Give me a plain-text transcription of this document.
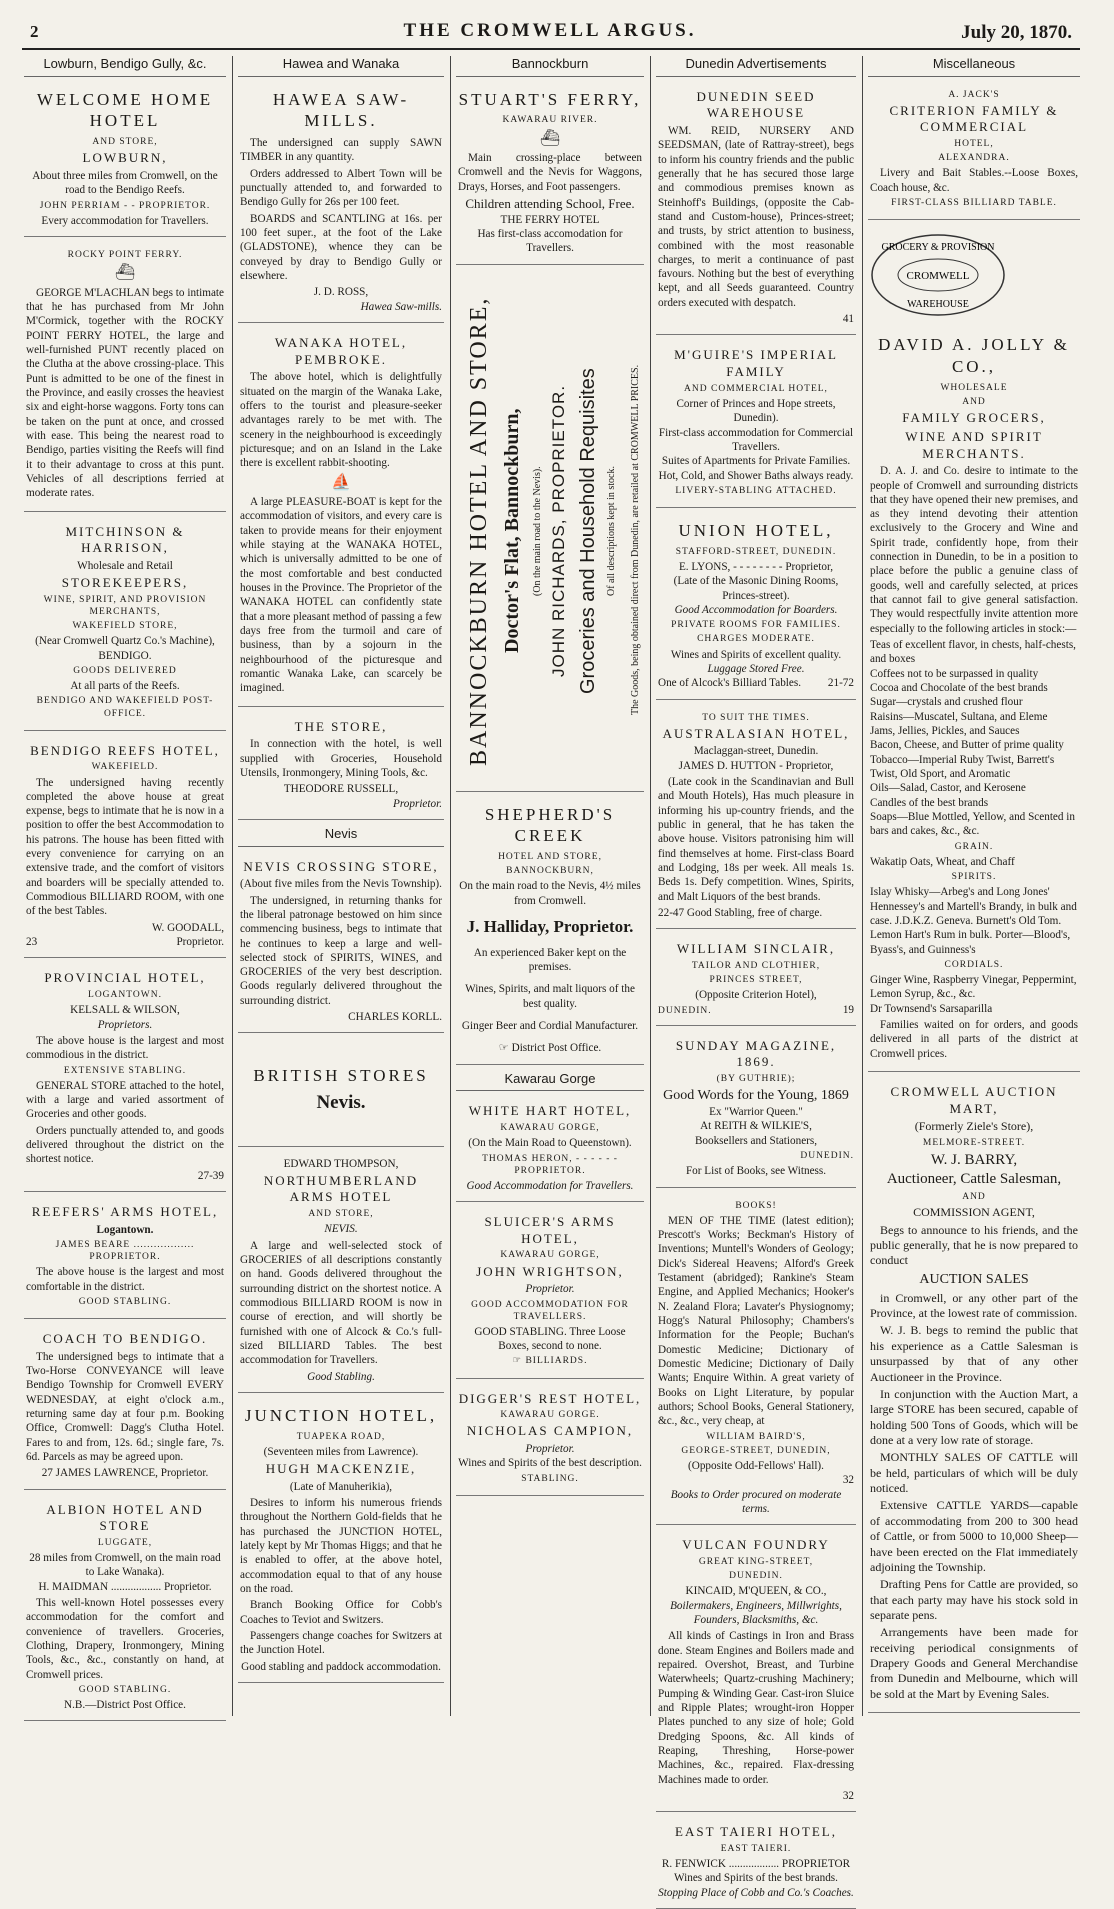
2	THE CROMWELL ARGUS.	July 20, 1870.
Lowburn, Bendigo Gully, &c.
WELCOME HOME HOTEL
AND STORE,
LOWBURN,
About three miles from Cromwell, on the road to the Bendigo Reefs.
JOHN PERRIAM - - PROPRIETOR.
Every accommodation for Travellers.
ROCKY POINT FERRY.
⛴

GEORGE M'LACHLAN begs to intimate that he has purchased from Mr John M'Cormick, together with the ROCKY POINT FERRY HOTEL, the large and well-furnished PUNT recently placed on the Clutha at the above crossing-place. This Punt is admitted to be one of the finest in the Province, and easily crosses the heaviest six and eight-horse waggons. Forty tons can be taken on the punt at once, and crossed with ease. This being the nearest road to Bendigo, parties visiting the Reefs will find it to their advantage to cross at this punt. Vehicles of all descriptions ferried at moderate rates.

MITCHINSON & HARRISON,
Wholesale and Retail
STOREKEEPERS,
WINE, SPIRIT, AND PROVISION MERCHANTS,
WAKEFIELD STORE,
(Near Cromwell Quartz Co.'s Machine),
BENDIGO.
GOODS DELIVERED
At all parts of the Reefs.
BENDIGO AND WAKEFIELD POST-OFFICE.
BENDIGO REEFS HOTEL,
WAKEFIELD.

The undersigned having recently completed the above house at great expense, begs to intimate that he is now in a position to offer the best Accommodation to his patrons. The house has been fitted with every convenience for carrying on an extensive trade, and the comfort of visitors and boarders will be specially attended to. Commodious BILLIARD ROOM, with one of the best Tables.

W. GOODALL,
23	Proprietor.
PROVINCIAL HOTEL,
LOGANTOWN.
KELSALL & WILSON,
Proprietors.

The above house is the largest and most commodious in the district.

EXTENSIVE STABLING.

GENERAL STORE attached to the hotel, with a large and varied assortment of Groceries and other goods.

Orders punctually attended to, and goods delivered throughout the district on the shortest notice.

27-39
REEFERS' ARMS HOTEL,
Logantown.
JAMES BEARE .................. PROPRIETOR.

The above house is the largest and most comfortable in the district.

GOOD STABLING.
COACH TO BENDIGO.

The undersigned begs to intimate that a Two-Horse CONVEYANCE will leave Bendigo Township for Cromwell EVERY WEDNESDAY, at eight o'clock a.m., returning same day at four p.m. Booking Office, Cromwell: Dagg's Clutha Hotel. Fares to and from, 12s. 6d.; single fare, 7s. 6d. Parcels as may be agreed upon.

27 JAMES LAWRENCE, Proprietor.
ALBION HOTEL AND STORE
LUGGATE,
28 miles from Cromwell, on the main road to Lake Wanaka).
H. MAIDMAN .................. Proprietor.

This well-known Hotel possesses every accommodation for the comfort and convenience of travellers. Groceries, Clothing, Drapery, Ironmongery, Mining Tools, &c., &c., constantly on hand, at Cromwell prices.

GOOD STABLING.
N.B.—District Post Office.
Hawea and Wanaka
HAWEA SAW-MILLS.

The undersigned can supply SAWN TIMBER in any quantity.

Orders addressed to Albert Town will be punctually attended to, and forwarded to Bendigo Gully for 26s per 100 feet.

BOARDS and SCANTLING at 16s. per 100 feet super., at the foot of the Lake (GLADSTONE), whence they can be conveyed by dray to Bendigo Gully or elsewhere.

J. D. ROSS,
Hawea Saw-mills.
WANAKA HOTEL, PEMBROKE.

The above hotel, which is delightfully situated on the margin of the Wanaka Lake, offers to the tourist and pleasure-seeker advantages rarely to be met with. The scenery in the neighbourhood is exceedingly picturesque; and on an Island in the Lake there is excellent rabbit-shooting.

⛵

A large PLEASURE-BOAT is kept for the accommodation of visitors, and every care is taken to provide means for their enjoyment while staying at the WANAKA HOTEL, which is universally admitted to be one of the most comfortable and best conducted houses in the Province. The Proprietor of the WANAKA HOTEL can confidently state that a more pleasant method of passing a few days free from the turmoil and care of business, than by a sojourn in the neighbourhood of the picturesque and romantic Wanaka Lake, can scarcely be imagined.

THE STORE,

In connection with the hotel, is well supplied with Groceries, Household Utensils, Ironmongery, Mining Tools, &c.

THEODORE RUSSELL,
Proprietor.
Nevis
NEVIS CROSSING STORE,
(About five miles from the Nevis Township).

The undersigned, in returning thanks for the liberal patronage bestowed on him since commencing business, begs to intimate that he continues to keep a large and well-selected stock of SPIRITS, WINES, and GROCERIES of the very best description. Goods regularly delivered throughout the surrounding district.

CHARLES KORLL.
BRITISH STORES
Nevis.
EDWARD THOMPSON,
NORTHUMBERLAND ARMS HOTEL
AND STORE,
NEVIS.

A large and well-selected stock of GROCERIES of all descriptions constantly on hand. Goods delivered throughout the surrounding district on the shortest notice. A commodious BILLIARD ROOM is now in course of erection, and will shortly be furnished with one of Alcock & Co.'s full-sized BILLIARD Tables. The best accommodation for Travellers.

Good Stabling.
JUNCTION HOTEL,
TUAPEKA ROAD,
(Seventeen miles from Lawrence).
HUGH MACKENZIE,
(Late of Manuherikia),

Desires to inform his numerous friends throughout the Northern Gold-fields that he has purchased the JUNCTION HOTEL, lately kept by Mr Thomas Higgs; and that he is enabled to offer, at the above hotel, accommodation equal to that of any house on the road.

Branch Booking Office for Cobb's Coaches to Teviot and Switzers.

Passengers change coaches for Switzers at the Junction Hotel.

Good stabling and paddock accommodation.
Bannockburn
STUART'S FERRY,
KAWARAU RIVER.
⛴

Main crossing-place between Cromwell and the Nevis for Waggons, Drays, Horses, and Foot passengers.

Children attending School, Free.
THE FERRY HOTEL
Has first-class accomodation for Travellers.
BANNOCKBURN HOTEL AND STORE, Doctor's Flat, Bannockburn, (On the main road to the Nevis). JOHN RICHARDS, PROPRIETOR. Groceries and Household Requisites Of all descriptions kept in stock.
SHEPHERD'S CREEK
HOTEL AND STORE,
BANNOCKBURN,
On the main road to the Nevis, 4½ miles from Cromwell.
J. Halliday, Proprietor.
An experienced Baker kept on the premises.
Wines, Spirits, and malt liquors of the best quality.
Ginger Beer and Cordial Manufacturer.
☞ District Post Office.
Kawarau Gorge
WHITE HART HOTEL,
KAWARAU GORGE,
(On the Main Road to Queenstown).
THOMAS HERON, - - - - - - PROPRIETOR.
Good Accommodation for Travellers.
SLUICER'S ARMS HOTEL,
KAWARAU GORGE,
JOHN WRIGHTSON,
Proprietor.
GOOD ACCOMMODATION FOR TRAVELLERS.
GOOD STABLING. Three Loose Boxes, second to none.
☞ BILLIARDS.
DIGGER'S REST HOTEL,
KAWARAU GORGE.
NICHOLAS CAMPION,
Proprietor.
Wines and Spirits of the best description.
STABLING.
The Goods, being obtained direct from Dunedin, are retailed at CROMWELL PRICES.
Dunedin Advertisements
DUNEDIN SEED WAREHOUSE

WM. REID, NURSERY AND SEEDSMAN, (late of Rattray-street), begs to inform his country friends and the public generally that he has secured those large and commodious premises known as Steinhoff's Buildings, (opposite the Cab-stand and Custom-house), Princes-street; and trusts, by strict attention to business, combined with the most reasonable charges, to merit a continuance of past favours. Nothing but the best of everything kept, and all Seeds guaranteed. Country orders executed with despatch.

41
M'GUIRE'S IMPERIAL FAMILY
AND COMMERCIAL HOTEL,
Corner of Princes and Hope streets, Dunedin).
First-class accommodation for Commercial Travellers.
Suites of Apartments for Private Families.
Hot, Cold, and Shower Baths always ready.
LIVERY-STABLING ATTACHED.
UNION HOTEL,
STAFFORD-STREET, DUNEDIN.
E. LYONS, - - - - - - - - Proprietor,
(Late of the Masonic Dining Rooms, Princes-street).
Good Accommodation for Boarders.
PRIVATE ROOMS FOR FAMILIES.
CHARGES MODERATE.
Wines and Spirits of excellent quality.
Luggage Stored Free.
One of Alcock's Billiard Tables. 21-72
TO SUIT THE TIMES.
AUSTRALASIAN HOTEL,
Maclaggan-street, Dunedin.
JAMES D. HUTTON - Proprietor,

(Late cook in the Scandinavian and Bull and Mouth Hotels), Has much pleasure in informing his up-country friends, and the public in general, that he has taken the above house. Visitors patronising him will find themselves at home. First-class Board and Lodging, 18s per week. All meals 1s. Beds 1s. Defy competition. Wines, Spirits, and Malt Liquors of the best brands.

22-47 Good Stabling, free of charge.
WILLIAM SINCLAIR,
TAILOR AND CLOTHIER,
PRINCES STREET,
(Opposite Criterion Hotel),
DUNEDIN.	19
SUNDAY MAGAZINE, 1869.
(BY GUTHRIE);
Good Words for the Young, 1869
Ex "Warrior Queen."
At REITH & WILKIE'S,
Booksellers and Stationers,
DUNEDIN.
For List of Books, see Witness.
BOOKS!

MEN OF THE TIME (latest edition); Prescott's Works; Beckman's History of Inventions; Muntell's Wonders of Geology; Dick's Sidereal Heavens; Alford's Greek Testament (abridged); Rankine's Steam Engine, and Applied Mechanics; Hooker's N. Zealand Flora; Lavater's Physiognomy; Hogg's Natural Philosophy; Chambers's Information for the People; Buchan's Domestic Medicine; Dictionary of Domestic Medicine; Dictionary of Daily Wants; Enquire Within. A great variety of Books on Light Literature, by popular authors; School Books, General Stationery, &c., &c., very cheap, at

WILLIAM BAIRD'S,
GEORGE-STREET, DUNEDIN,
(Opposite Odd-Fellows' Hall).
32
Books to Order procured on moderate terms.
VULCAN FOUNDRY
GREAT KING-STREET,
DUNEDIN.
KINCAID, M'QUEEN, & CO.,
Boilermakers, Engineers, Millwrights, Founders, Blacksmiths, &c.

All kinds of Castings in Iron and Brass done. Steam Engines and Boilers made and repaired. Overshot, Breast, and Turbine Waterwheels; Quartz-crushing Machinery; Pumping & Winding Gear. Cast-iron Sluice and Ripple Plates; wrought-iron Hopper Plates punched to any size of hole; Gold Dredging Spoons, &c. All kinds of Reaping, Threshing, Horse-power Machines, &c., repaired. Flax-dressing Machines made to order.

32
EAST TAIERI HOTEL,
EAST TAIERI.
R. FENWICK .................. PROPRIETOR
Wines and Spirits of the best brands.
Stopping Place of Cobb and Co.'s Coaches.
Miscellaneous
A. JACK'S
CRITERION FAMILY & COMMERCIAL
HOTEL,
ALEXANDRA.

Livery and Bait Stables.--Loose Boxes, Coach house, &c.

FIRST-CLASS BILLIARD TABLE.
GROCERY & PROVISION
CROMWELL
WAREHOUSE
DAVID A. JOLLY & CO.,
WHOLESALE
AND
FAMILY GROCERS,
WINE AND SPIRIT MERCHANTS.

D. A. J. and Co. desire to intimate to the people of Cromwell and surrounding districts that they have opened their new premises, and as they intend devoting their attention exclusively to the Grocery and Wine and Spirit trade, confidently hope, from their connection in Dunedin, to be in a position to place before the public a genuine class of goods, well and carefully selected, at prices that cannot fail to give general satisfaction. They would respectfully invite attention more especially to the following articles in stock:—

Teas of excellent flavor, in chests, half-chests, and boxes
Coffees not to be surpassed in quality
Cocoa and Chocolate of the best brands
Sugar—crystals and crushed flour
Raisins—Muscatel, Sultana, and Eleme
Jams, Jellies, Pickles, and Sauces
Bacon, Cheese, and Butter of prime quality
Tobacco—Imperial Ruby Twist, Barrett's Twist, Old Sport, and Aromatic
Oils—Salad, Castor, and Kerosene
Candles of the best brands
Soaps—Blue Mottled, Yellow, and Scented in bars and cakes, &c., &c.
GRAIN.
Wakatip Oats, Wheat, and Chaff
SPIRITS.
Islay Whisky—Arbeg's and Long Jones' Hennessey's and Martell's Brandy, in bulk and case. J.D.K.Z. Geneva. Burnett's Old Tom. Lemon Hart's Rum in bulk. Porter—Blood's, Byass's, and Guinness's
CORDIALS.
Ginger Wine, Raspberry Vinegar, Peppermint, Lemon Syrup, &c., &c.
Dr Townsend's Sarsaparilla

Families waited on for orders, and goods delivered in all parts of the district at Cromwell prices.

CROMWELL AUCTION MART,
(Formerly Ziele's Store),
MELMORE-STREET.
W. J. BARRY,
Auctioneer, Cattle Salesman,
AND
COMMISSION AGENT,

Begs to announce to his friends, and the public generally, that he is now prepared to conduct

AUCTION SALES

in Cromwell, or any other part of the Province, at the lowest rate of commission.

W. J. B. begs to remind the public that his experience as a Cattle Salesman is unsurpassed by that of any other Auctioneer in the Province.

In conjunction with the Auction Mart, a large STORE has been secured, capable of holding 500 Tons of Goods, which will be done at a very low rate of storage.

MONTHLY SALES OF CATTLE will be held, particulars of which will be duly noticed.

Extensive CATTLE YARDS—capable of accommodating from 200 to 300 head of Cattle, or from 5000 to 10,000 Sheep—have been erected on the Flat immediately adjoining the Township.

Drafting Pens for Cattle are provided, so that each party may have his stock sold in separate pens.

Arrangements have been made for receiving periodical consignments of Drapery Goods and General Merchandise from Dunedin and Melbourne, which will be sold at the Mart by Evening Sales.
